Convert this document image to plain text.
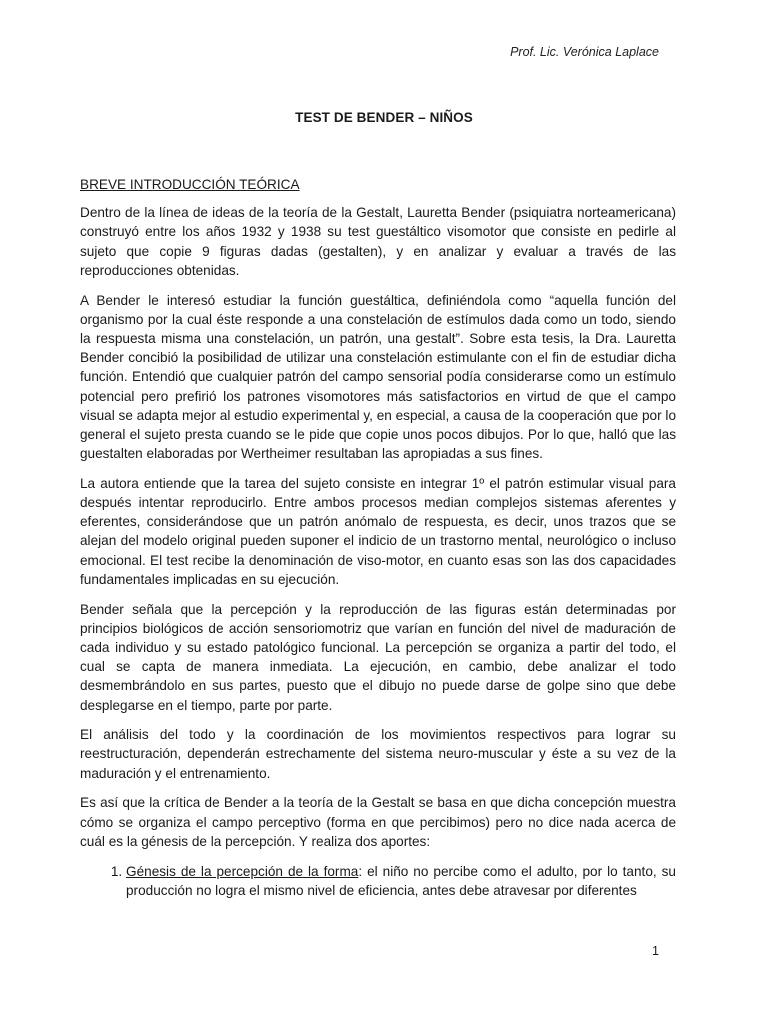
Prof. Lic. Verónica Laplace
TEST DE BENDER – NIÑOS
BREVE INTRODUCCIÓN TEÓRICA

Dentro de la línea de ideas de la teoría de la Gestalt, Lauretta Bender (psiquiatra norteamericana) construyó entre los años 1932 y 1938 su test guestáltico visomotor que consiste en pedirle al sujeto que copie 9 figuras dadas (gestalten), y en analizar y evaluar a través de las reproducciones obtenidas.

A Bender le interesó estudiar la función guestáltica, definiéndola como “aquella función del organismo por la cual éste responde a una constelación de estímulos dada como un todo, siendo la respuesta misma una constelación, un patrón, una gestalt”. Sobre esta tesis, la Dra. Lauretta Bender concibió la posibilidad de utilizar una constelación estimulante con el fin de estudiar dicha función. Entendió que cualquier patrón del campo sensorial podía considerarse como un estímulo potencial pero prefirió los patrones visomotores más satisfactorios en virtud de que el campo visual se adapta mejor al estudio experimental y, en especial, a causa de la cooperación que por lo general el sujeto presta cuando se le pide que copie unos pocos dibujos. Por lo que, halló que las guestalten elaboradas por Wertheimer resultaban las apropiadas a sus fines.

La autora entiende que la tarea del sujeto consiste en integrar 1º el patrón estimular visual para después intentar reproducirlo. Entre ambos procesos median complejos sistemas aferentes y eferentes, considerándose que un patrón anómalo de respuesta, es decir, unos trazos que se alejan del modelo original pueden suponer el indicio de un trastorno mental, neurológico o incluso emocional. El test recibe la denominación de viso-motor, en cuanto esas son las dos capacidades fundamentales implicadas en su ejecución.

Bender señala que la percepción y la reproducción de las figuras están determinadas por principios biológicos de acción sensoriomotriz que varían en función del nivel de maduración de cada individuo y su estado patológico funcional. La percepción se organiza a partir del todo, el cual se capta de manera inmediata. La ejecución, en cambio, debe analizar el todo desmembrándolo en sus partes, puesto que el dibujo no puede darse de golpe sino que debe desplegarse en el tiempo, parte por parte.

El análisis del todo y la coordinación de los movimientos respectivos para lograr su reestructuración, dependerán estrechamente del sistema neuro-muscular y éste a su vez de la maduración y el entrenamiento.

Es así que la crítica de Bender a la teoría de la Gestalt se basa en que dicha concepción muestra cómo se organiza el campo perceptivo (forma en que percibimos) pero no dice nada acerca de cuál es la génesis de la percepción. Y realiza dos aportes:

1. Génesis de la percepción de la forma: el niño no percibe como el adulto, por lo tanto, su producción no logra el mismo nivel de eficiencia, antes debe atravesar por diferentes
1
